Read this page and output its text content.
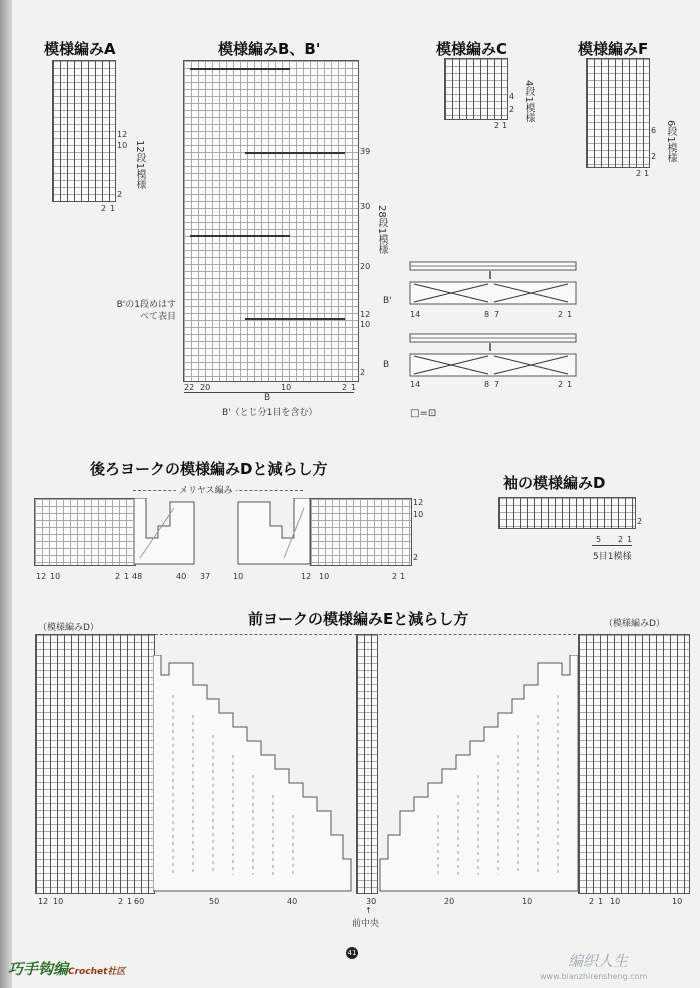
模様編みA
12
10
2
12段1模様
2 1
模様編みB、B'
39
30
20
12
10
2
28段1模様
B'
B
B'の1段めはすべて表目
22 20	10	2 1
B
B'（とじ分1目を含む）
模様編みC
4
2 4段1模様
2 1
模様編みF
6
2 6段1模様
2 1
‖
‖
14	8 7	2 1
14	8 7	2 1
□=⊡
後ろヨークの模様編みDと減らし方
メリヤス編み
12
10
2
12 10	2 1 48	40 37	10	12 10	2 1
袖の模様編みD
2
5 2 1
5目1模様
前ヨークの模様編みEと減らし方
（模様編みD）	（模様編みD）
12 10	2 1 60	50	40	30	20	10	2 1 10	10
↑
前中央
41
巧手钩编Crochet社区
编织人生
www.bianzhirensheng.com
